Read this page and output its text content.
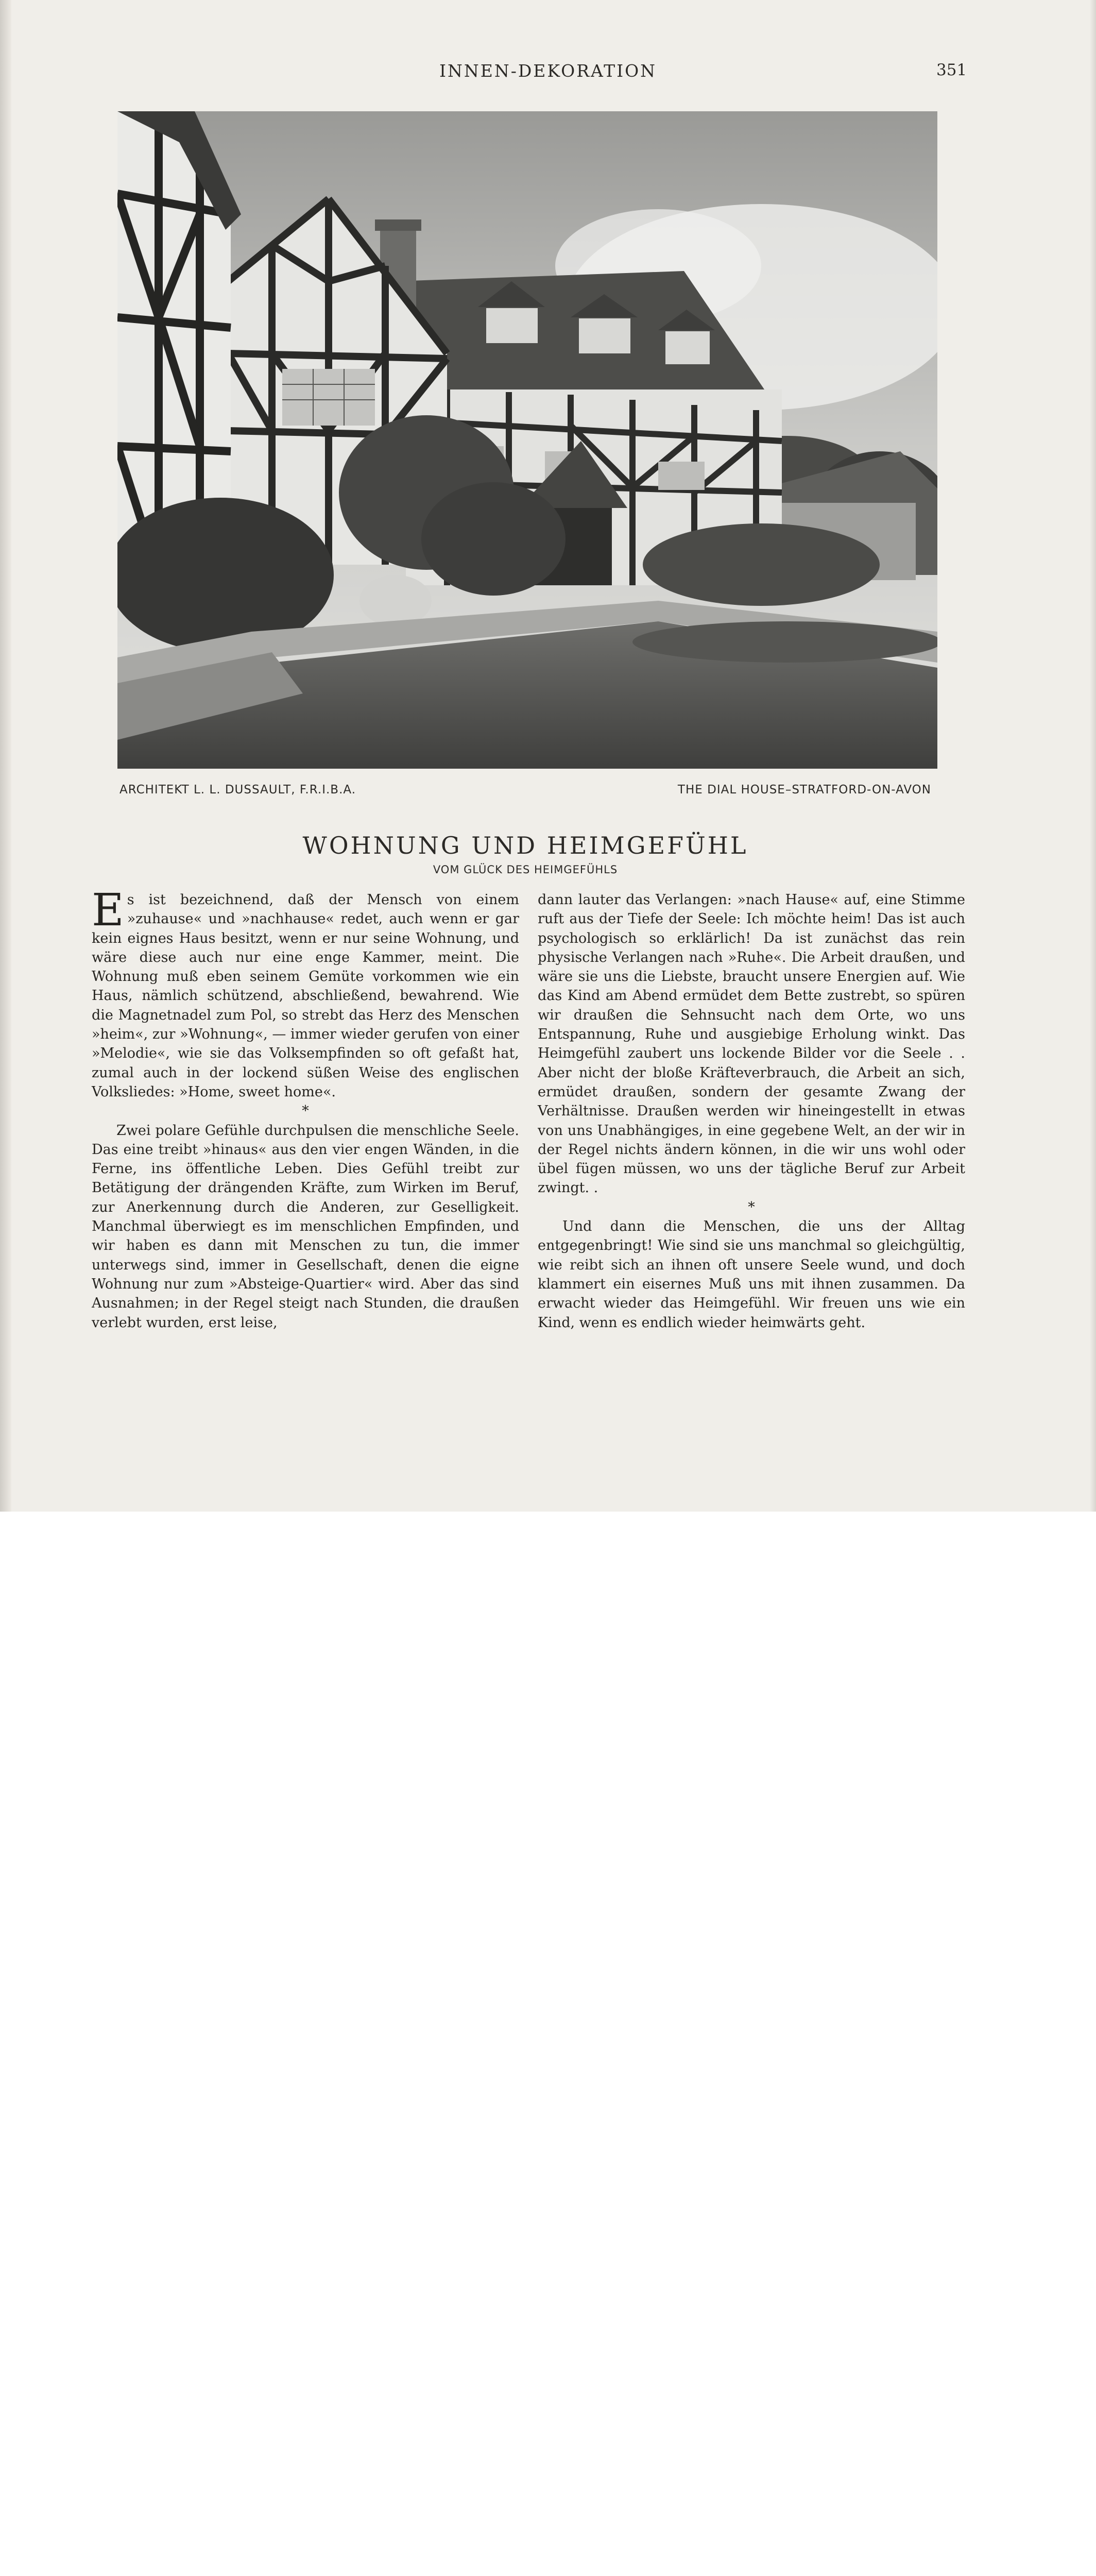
INNEN-DEKORATION	351
ARCHITEKT L. L. DUSSAULT, F.R.I.B.A.	THE DIAL HOUSE–STRATFORD-ON-AVON
WOHNUNG UND HEIMGEFÜHL
VOM GLÜCK DES HEIMGEFÜHLS

Es ist bezeichnend, daß der Mensch von einem »zuhause« und »nachhause« redet, auch wenn er gar kein eignes Haus besitzt, wenn er nur seine Wohnung, und wäre diese auch nur eine enge Kammer, meint. Die Wohnung muß eben seinem Gemüte vorkommen wie ein Haus, nämlich schützend, abschließend, bewahrend. Wie die Magnetnadel zum Pol, so strebt das Herz des Menschen »heim«, zur »Wohnung«, — immer wieder gerufen von einer »Melodie«, wie sie das Volksempfinden so oft gefaßt hat, zumal auch in der lockend süßen Weise des englischen Volksliedes: »Home, sweet home«.

*

Zwei polare Gefühle durchpulsen die menschliche Seele. Das eine treibt »hinaus« aus den vier engen Wänden, in die Ferne, ins öffentliche Leben. Dies Gefühl treibt zur Betätigung der drängenden Kräfte, zum Wirken im Beruf, zur Anerkennung durch die Anderen, zur Geselligkeit. Manchmal überwiegt es im menschlichen Empfinden, und wir haben es dann mit Menschen zu tun, die immer unterwegs sind, immer in Gesellschaft, denen die eigne Wohnung nur zum »Absteige-Quartier« wird. Aber das sind Ausnahmen; in der Regel steigt nach Stunden, die draußen verlebt wurden, erst leise,

dann lauter das Verlangen: »nach Hause« auf, eine Stimme ruft aus der Tiefe der Seele: Ich möchte heim! Das ist auch psychologisch so erklärlich! Da ist zunächst das rein physische Verlangen nach »Ruhe«. Die Arbeit draußen, und wäre sie uns die Liebste, braucht unsere Energien auf. Wie das Kind am Abend ermüdet dem Bette zustrebt, so spüren wir draußen die Sehnsucht nach dem Orte, wo uns Entspannung, Ruhe und ausgiebige Erholung winkt. Das Heimgefühl zaubert uns lockende Bilder vor die Seele . . Aber nicht der bloße Kräfteverbrauch, die Arbeit an sich, ermüdet draußen, sondern der gesamte Zwang der Verhältnisse. Draußen werden wir hineingestellt in etwas von uns Unabhängiges, in eine gegebene Welt, an der wir in der Regel nichts ändern können, in die wir uns wohl oder übel fügen müssen, wo uns der tägliche Beruf zur Arbeit zwingt. .

*

Und dann die Menschen, die uns der Alltag entgegenbringt! Wie sind sie uns manchmal so gleichgültig, wie reibt sich an ihnen oft unsere Seele wund, und doch klammert ein eisernes Muß uns mit ihnen zusammen. Da erwacht wieder das Heimgefühl. Wir freuen uns wie ein Kind, wenn es endlich wieder heimwärts geht.
